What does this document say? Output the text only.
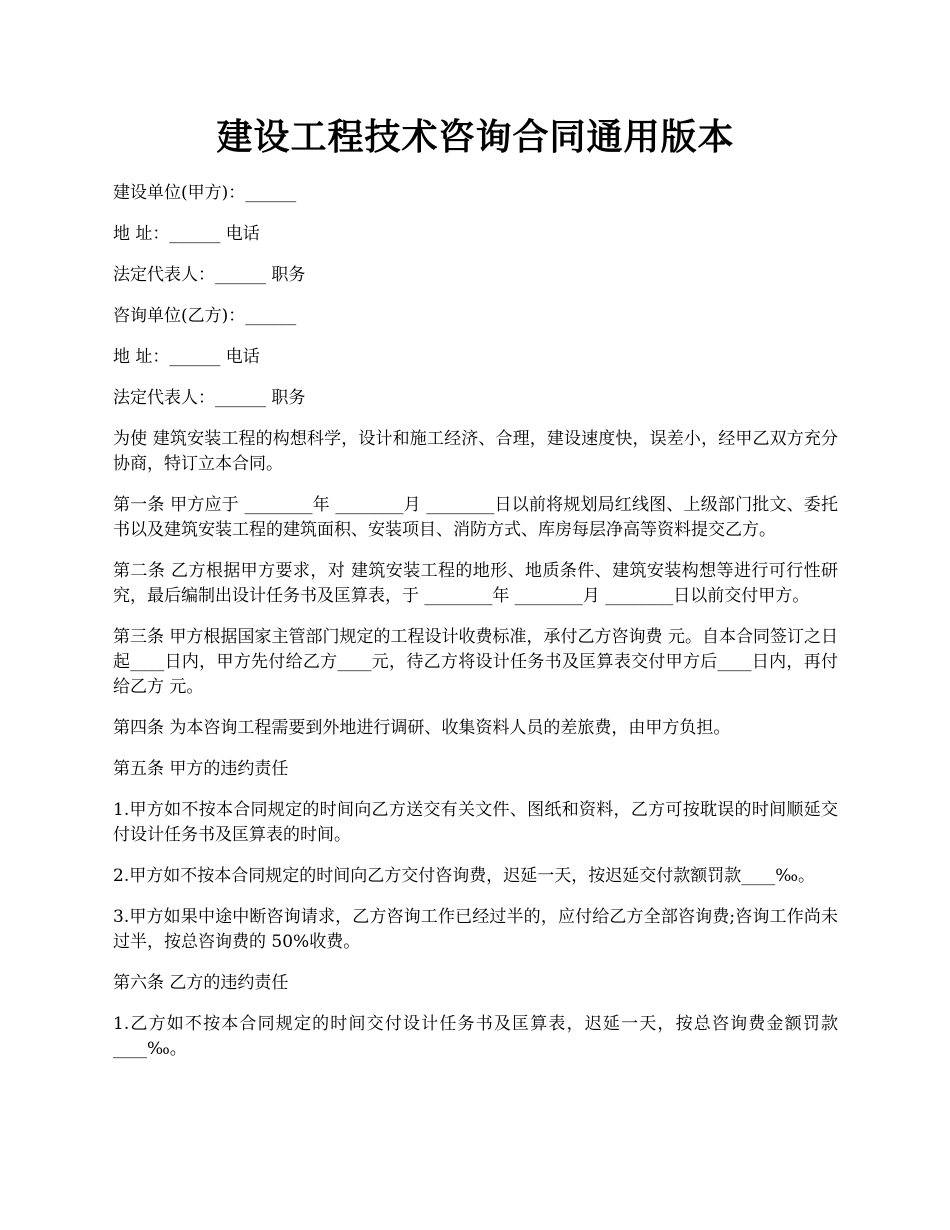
建设工程技术咨询合同通用版本

建设单位(甲方)：______

地 址：______ 电话

法定代表人：______ 职务

咨询单位(乙方)：______

地 址：______ 电话

法定代表人：______ 职务

为使 建筑安装工程的构想科学，设计和施工经济、合理，建设速度快，误差小，经甲乙双方充分协商，特订立本合同。

第一条 甲方应于 ________年 ________月 ________日以前将规划局红线图、上级部门批文、委托书以及建筑安装工程的建筑面积、安装项目、消防方式、库房每层净高等资料提交乙方。

第二条 乙方根据甲方要求，对 建筑安装工程的地形、地质条件、建筑安装构想等进行可行性研究，最后编制出设计任务书及匡算表，于 ________年 ________月 ________日以前交付甲方。

第三条 甲方根据国家主管部门规定的工程设计收费标准，承付乙方咨询费 元。自本合同签订之日起____日内，甲方先付给乙方____元，待乙方将设计任务书及匡算表交付甲方后____日内，再付给乙方 元。

第四条 为本咨询工程需要到外地进行调研、收集资料人员的差旅费，由甲方负担。

第五条 甲方的违约责任

1.甲方如不按本合同规定的时间向乙方送交有关文件、图纸和资料，乙方可按耽误的时间顺延交付设计任务书及匡算表的时间。

2.甲方如不按本合同规定的时间向乙方交付咨询费，迟延一天，按迟延交付款额罚款____‰。

3.甲方如果中途中断咨询请求，乙方咨询工作已经过半的，应付给乙方全部咨询费;咨询工作尚未过半，按总咨询费的 50%收费。

第六条 乙方的违约责任

1.乙方如不按本合同规定的时间交付设计任务书及匡算表，迟延一天，按总咨询费金额罚款____‰。
